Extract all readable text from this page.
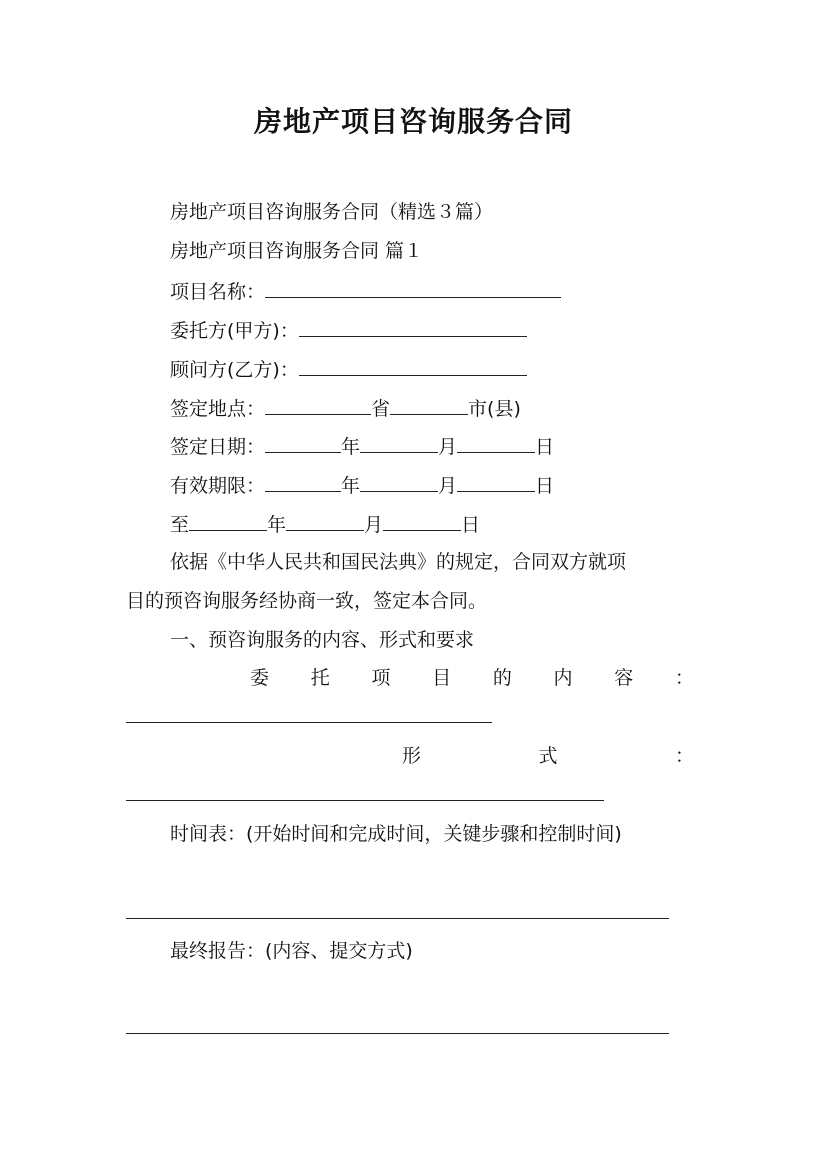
房地产项目咨询服务合同
房地产项目咨询服务合同（精选３篇）
房地产项目咨询服务合同 篇１
项目名称：
委托方(甲方)：
顾问方(乙方)：
签定地点：	省	市(县)
签定日期：	年	月	日
有效期限：	年	月	日
至	年	月	日
依据《中华人民共和国民法典》的规定，合同双方就项
目的预咨询服务经协商一致，签定本合同。
一、预咨询服务的内容、形式和要求
委 托 项 目 的 内 容 ：
形	式	：
时间表：(开始时间和完成时间，关键步骤和控制时间)
最终报告：(内容、提交方式)
